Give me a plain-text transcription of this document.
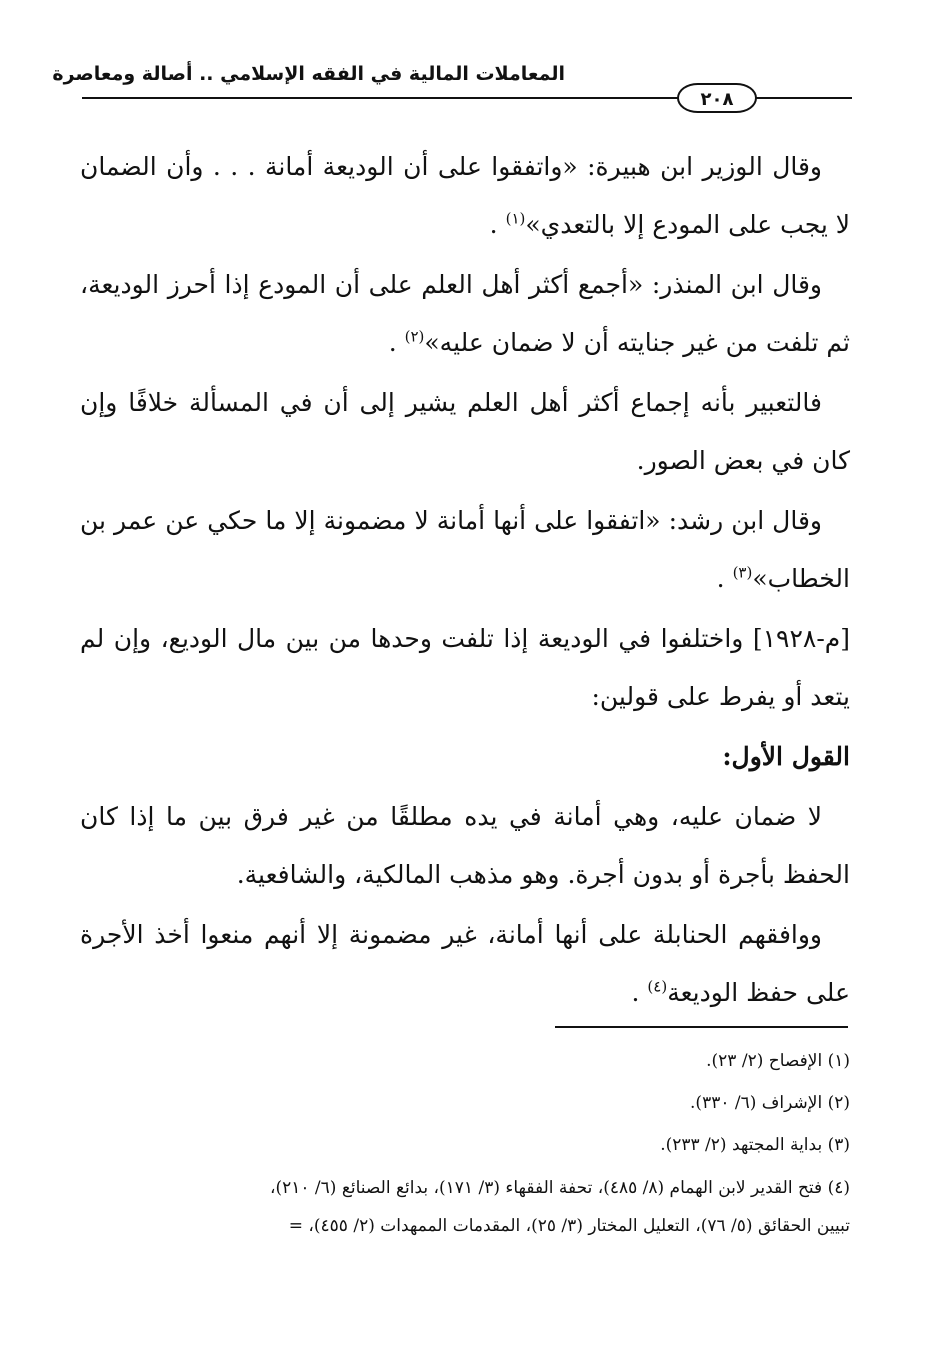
المعاملات المالية في الفقه الإسلامي .. أصالة ومعاصرة
٢٠٨

وقال الوزير ابن هبيرة: «واتفقوا على أن الوديعة أمانة . . . وأن الضمان لا يجب على المودع إلا بالتعدي»$^{(١)}$ .

وقال ابن المنذر: «أجمع أكثر أهل العلم على أن المودع إذا أحرز الوديعة، ثم تلفت من غير جنايته أن لا ضمان عليه»$^{(٢)}$ .

فالتعبير بأنه إجماع أكثر أهل العلم يشير إلى أن في المسألة خلافًا وإن كان في بعض الصور.

وقال ابن رشد: «اتفقوا على أنها أمانة لا مضمونة إلا ما حكي عن عمر بن الخطاب»$^{(٣)}$ .

[م-١٩٢٨] واختلفوا في الوديعة إذا تلفت وحدها من بين مال الوديع، وإن لم يتعد أو يفرط على قولين:

القول الأول:

لا ضمان عليه، وهي أمانة في يده مطلقًا من غير فرق بين ما إذا كان الحفظ بأجرة أو بدون أجرة. وهو مذهب المالكية، والشافعية.

ووافقهم الحنابلة على أنها أمانة، غير مضمونة إلا أنهم منعوا أخذ الأجرة على حفظ الوديعة$^{(٤)}$ .

(١) الإفصاح (٢/ ٢٣).

(٢) الإشراف (٦/ ٣٣٠).

(٣) بداية المجتهد (٢/ ٢٣٣).

(٤) فتح القدير لابن الهمام (٨/ ٤٨٥)، تحفة الفقهاء (٣/ ١٧١)، بدائع الصنائع (٦/ ٢١٠)،

تبيين الحقائق (٥/ ٧٦)، التعليل المختار (٣/ ٢٥)، المقدمات الممهدات (٢/ ٤٥٥)، =
